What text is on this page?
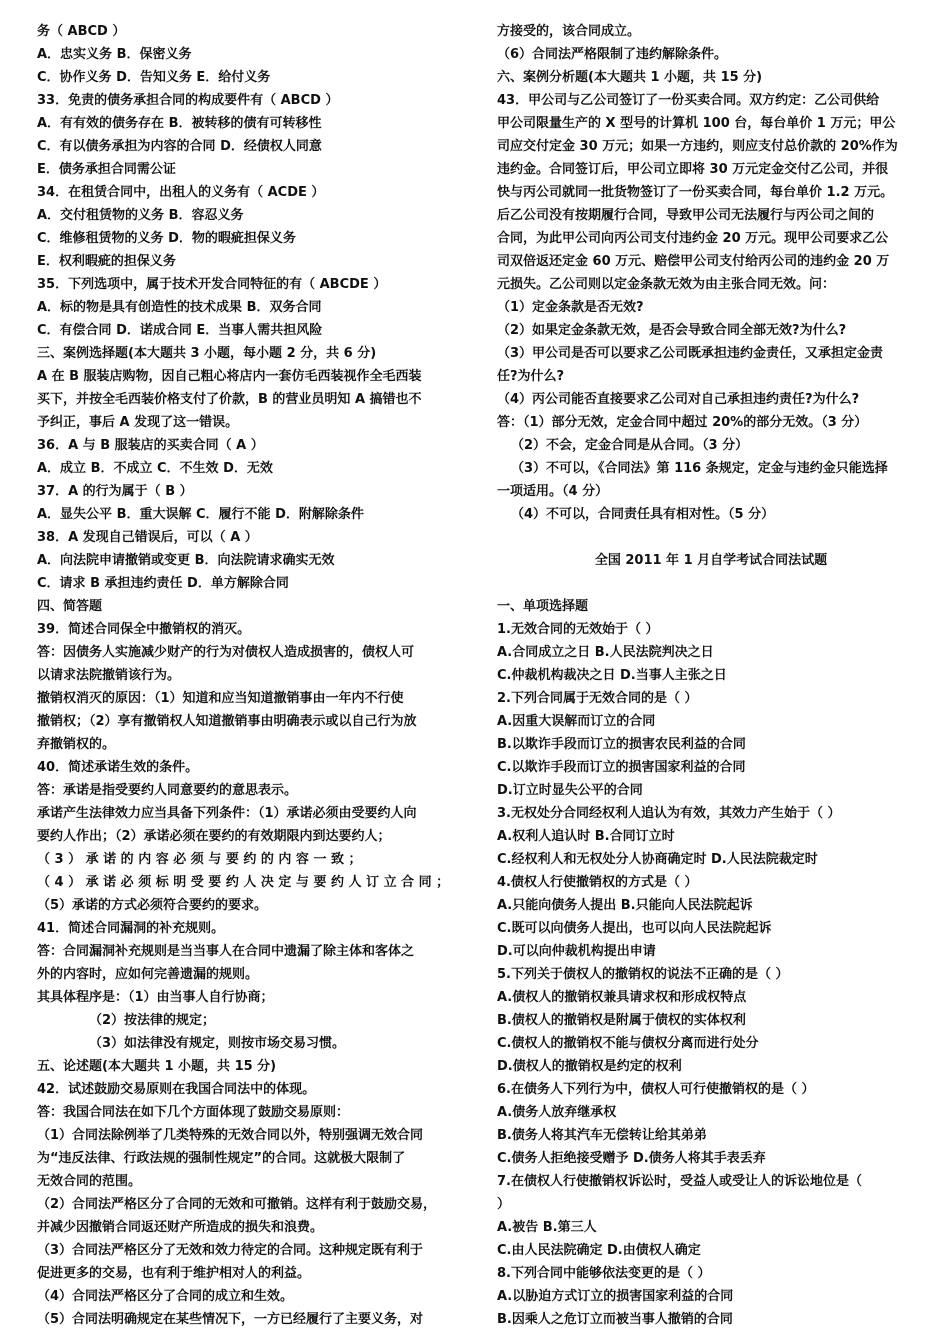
务（ ABCD ）
A．忠实义务 B．保密义务
C．协作义务 D．告知义务 E．给付义务
33．免责的债务承担合同的构成要件有（ ABCD ）
A．有有效的债务存在 B．被转移的债有可转移性
C．有以债务承担为内容的合同 D．经债权人同意
E．债务承担合同需公证
34．在租赁合同中，出租人的义务有（ ACDE ）
A．交付租赁物的义务 B．容忍义务
C．维修租赁物的义务 D．物的暇疵担保义务
E．权利暇疵的担保义务
35．下列选项中，属于技术开发合同特征的有（ ABCDE ）
A．标的物是具有创造性的技术成果 B．双务合同
C．有偿合同 D．诺成合同 E．当事人需共担风险
三、案例选择题(本大题共 3 小题，每小题 2 分，共 6 分)
A 在 B 服装店购物，因自己粗心将店内一套仿毛西装视作全毛西装
买下，并按全毛西装价格支付了价款，B 的营业员明知 A 搞错也不
予纠正，事后 A 发现了这一错误。
36．A 与 B 服装店的买卖合同（ A ）
A．成立 B．不成立 C．不生效 D．无效
37．A 的行为属于（ B ）
A．显失公平 B．重大误解 C．履行不能 D．附解除条件
38．A 发现自己错误后，可以（ A ）
A．向法院申请撤销或变更 B．向法院请求确实无效
C．请求 B 承担违约责任 D．单方解除合同
四、简答题
39．简述合同保全中撤销权的消灭。
答：因债务人实施减少财产的行为对债权人造成损害的，债权人可
以请求法院撤销该行为。
撤销权消灭的原因：（1）知道和应当知道撤销事由一年内不行使
撤销权；（2）享有撤销权人知道撤销事由明确表示或以自己行为放
弃撤销权的。
40．简述承诺生效的条件。
答：承诺是指受要约人同意要约的意思表示。
承诺产生法律效力应当具备下列条件：（1）承诺必须由受要约人向
要约人作出；（2）承诺必须在要约的有效期限内到达要约人；
（ 3 ） 承 诺 的 内 容 必 须 与 要 约 的 内 容 一 致 ；
（ 4 ） 承 诺 必 须 标 明 受 要 约 人 决 定 与 要 约 人 订 立 合 同 ；
（5）承诺的方式必须符合要约的要求。
41．简述合同漏洞的补充规则。
答：合同漏洞补充规则是当当事人在合同中遗漏了除主体和客体之
外的内容时，应如何完善遗漏的规则。
其具体程序是：（1）由当事人自行协商；
（2）按法律的规定；
（3）如法律没有规定，则按市场交易习惯。
五、论述题(本大题共 1 小题，共 15 分)
42．试述鼓励交易原则在我国合同法中的体现。
答：我国合同法在如下几个方面体现了鼓励交易原则：
（1）合同法除例举了几类特殊的无效合同以外，特别强调无效合同
为“违反法律、行政法规的强制性规定”的合同。这就极大限制了
无效合同的范围。
（2）合同法严格区分了合同的无效和可撤销。这样有利于鼓励交易，
并减少因撤销合同返还财产所造成的损失和浪费。
（3）合同法严格区分了无效和效力待定的合同。这种规定既有利于
促进更多的交易，也有利于维护相对人的利益。
（4）合同法严格区分了合同的成立和生效。
（5）合同法明确规定在某些情况下，一方已经履行了主要义务，对
方接受的，该合同成立。
（6）合同法严格限制了违约解除条件。
六、案例分析题(本大题共 1 小题，共 15 分)
43．甲公司与乙公司签订了一份买卖合同。双方约定：乙公司供给
甲公司限量生产的 X 型号的计算机 100 台，每台单价 1 万元；甲公
司应交付定金 30 万元；如果一方违约，则应支付总价款的 20%作为
违约金。合同签订后，甲公司立即将 30 万元定金交付乙公司，并很
快与丙公司就同一批货物签订了一份买卖合同，每台单价 1.2 万元。
后乙公司没有按期履行合同，导致甲公司无法履行与丙公司之间的
合同，为此甲公司向丙公司支付违约金 20 万元。现甲公司要求乙公
司双倍返还定金 60 万元、赔偿甲公司支付给丙公司的违约金 20 万
元损失。乙公司则以定金条款无效为由主张合同无效。问：
（1）定金条款是否无效?
（2）如果定金条款无效，是否会导致合同全部无效?为什么?
（3）甲公司是否可以要求乙公司既承担违约金责任，又承担定金责
任?为什么?
（4）丙公司能否直接要求乙公司对自己承担违约责任?为什么?
答：（1）部分无效，定金合同中超过 20%的部分无效。（3 分）
（2）不会，定金合同是从合同。（3 分）
（3）不可以，《合同法》第 116 条规定，定金与违约金只能选择
一项适用。（4 分）
（4）不可以，合同责任具有相对性。（5 分）
全国 2011 年 1 月自学考试合同法试题
一、单项选择题
1.无效合同的无效始于（ ）
A.合同成立之日 B.人民法院判决之日
C.仲裁机构裁决之日 D.当事人主张之日
2.下列合同属于无效合同的是（ ）
A.因重大误解而订立的合同
B.以欺诈手段而订立的损害农民利益的合同
C.以欺诈手段而订立的损害国家利益的合同
D.订立时显失公平的合同
3.无权处分合同经权利人追认为有效，其效力产生始于（ ）
A.权利人追认时 B.合同订立时
C.经权利人和无权处分人协商确定时 D.人民法院裁定时
4.债权人行使撤销权的方式是（ ）
A.只能向债务人提出 B.只能向人民法院起诉
C.既可以向债务人提出，也可以向人民法院起诉
D.可以向仲裁机构提出申请
5.下列关于债权人的撤销权的说法不正确的是（ ）
A.债权人的撤销权兼具请求权和形成权特点
B.债权人的撤销权是附属于债权的实体权利
C.债权人的撤销权不能与债权分离而进行处分
D.债权人的撤销权是约定的权利
6.在债务人下列行为中，债权人可行使撤销权的是（ ）
A.债务人放弃继承权
B.债务人将其汽车无偿转让给其弟弟
C.债务人拒绝接受赠予 D.债务人将其手表丢弃
7.在债权人行使撤销权诉讼时，受益人或受让人的诉讼地位是（
）
A.被告 B.第三人
C.由人民法院确定 D.由债权人确定
8.下列合同中能够依法变更的是（ ）
A.以胁迫方式订立的损害国家利益的合同
B.因乘人之危订立而被当事人撤销的合同
